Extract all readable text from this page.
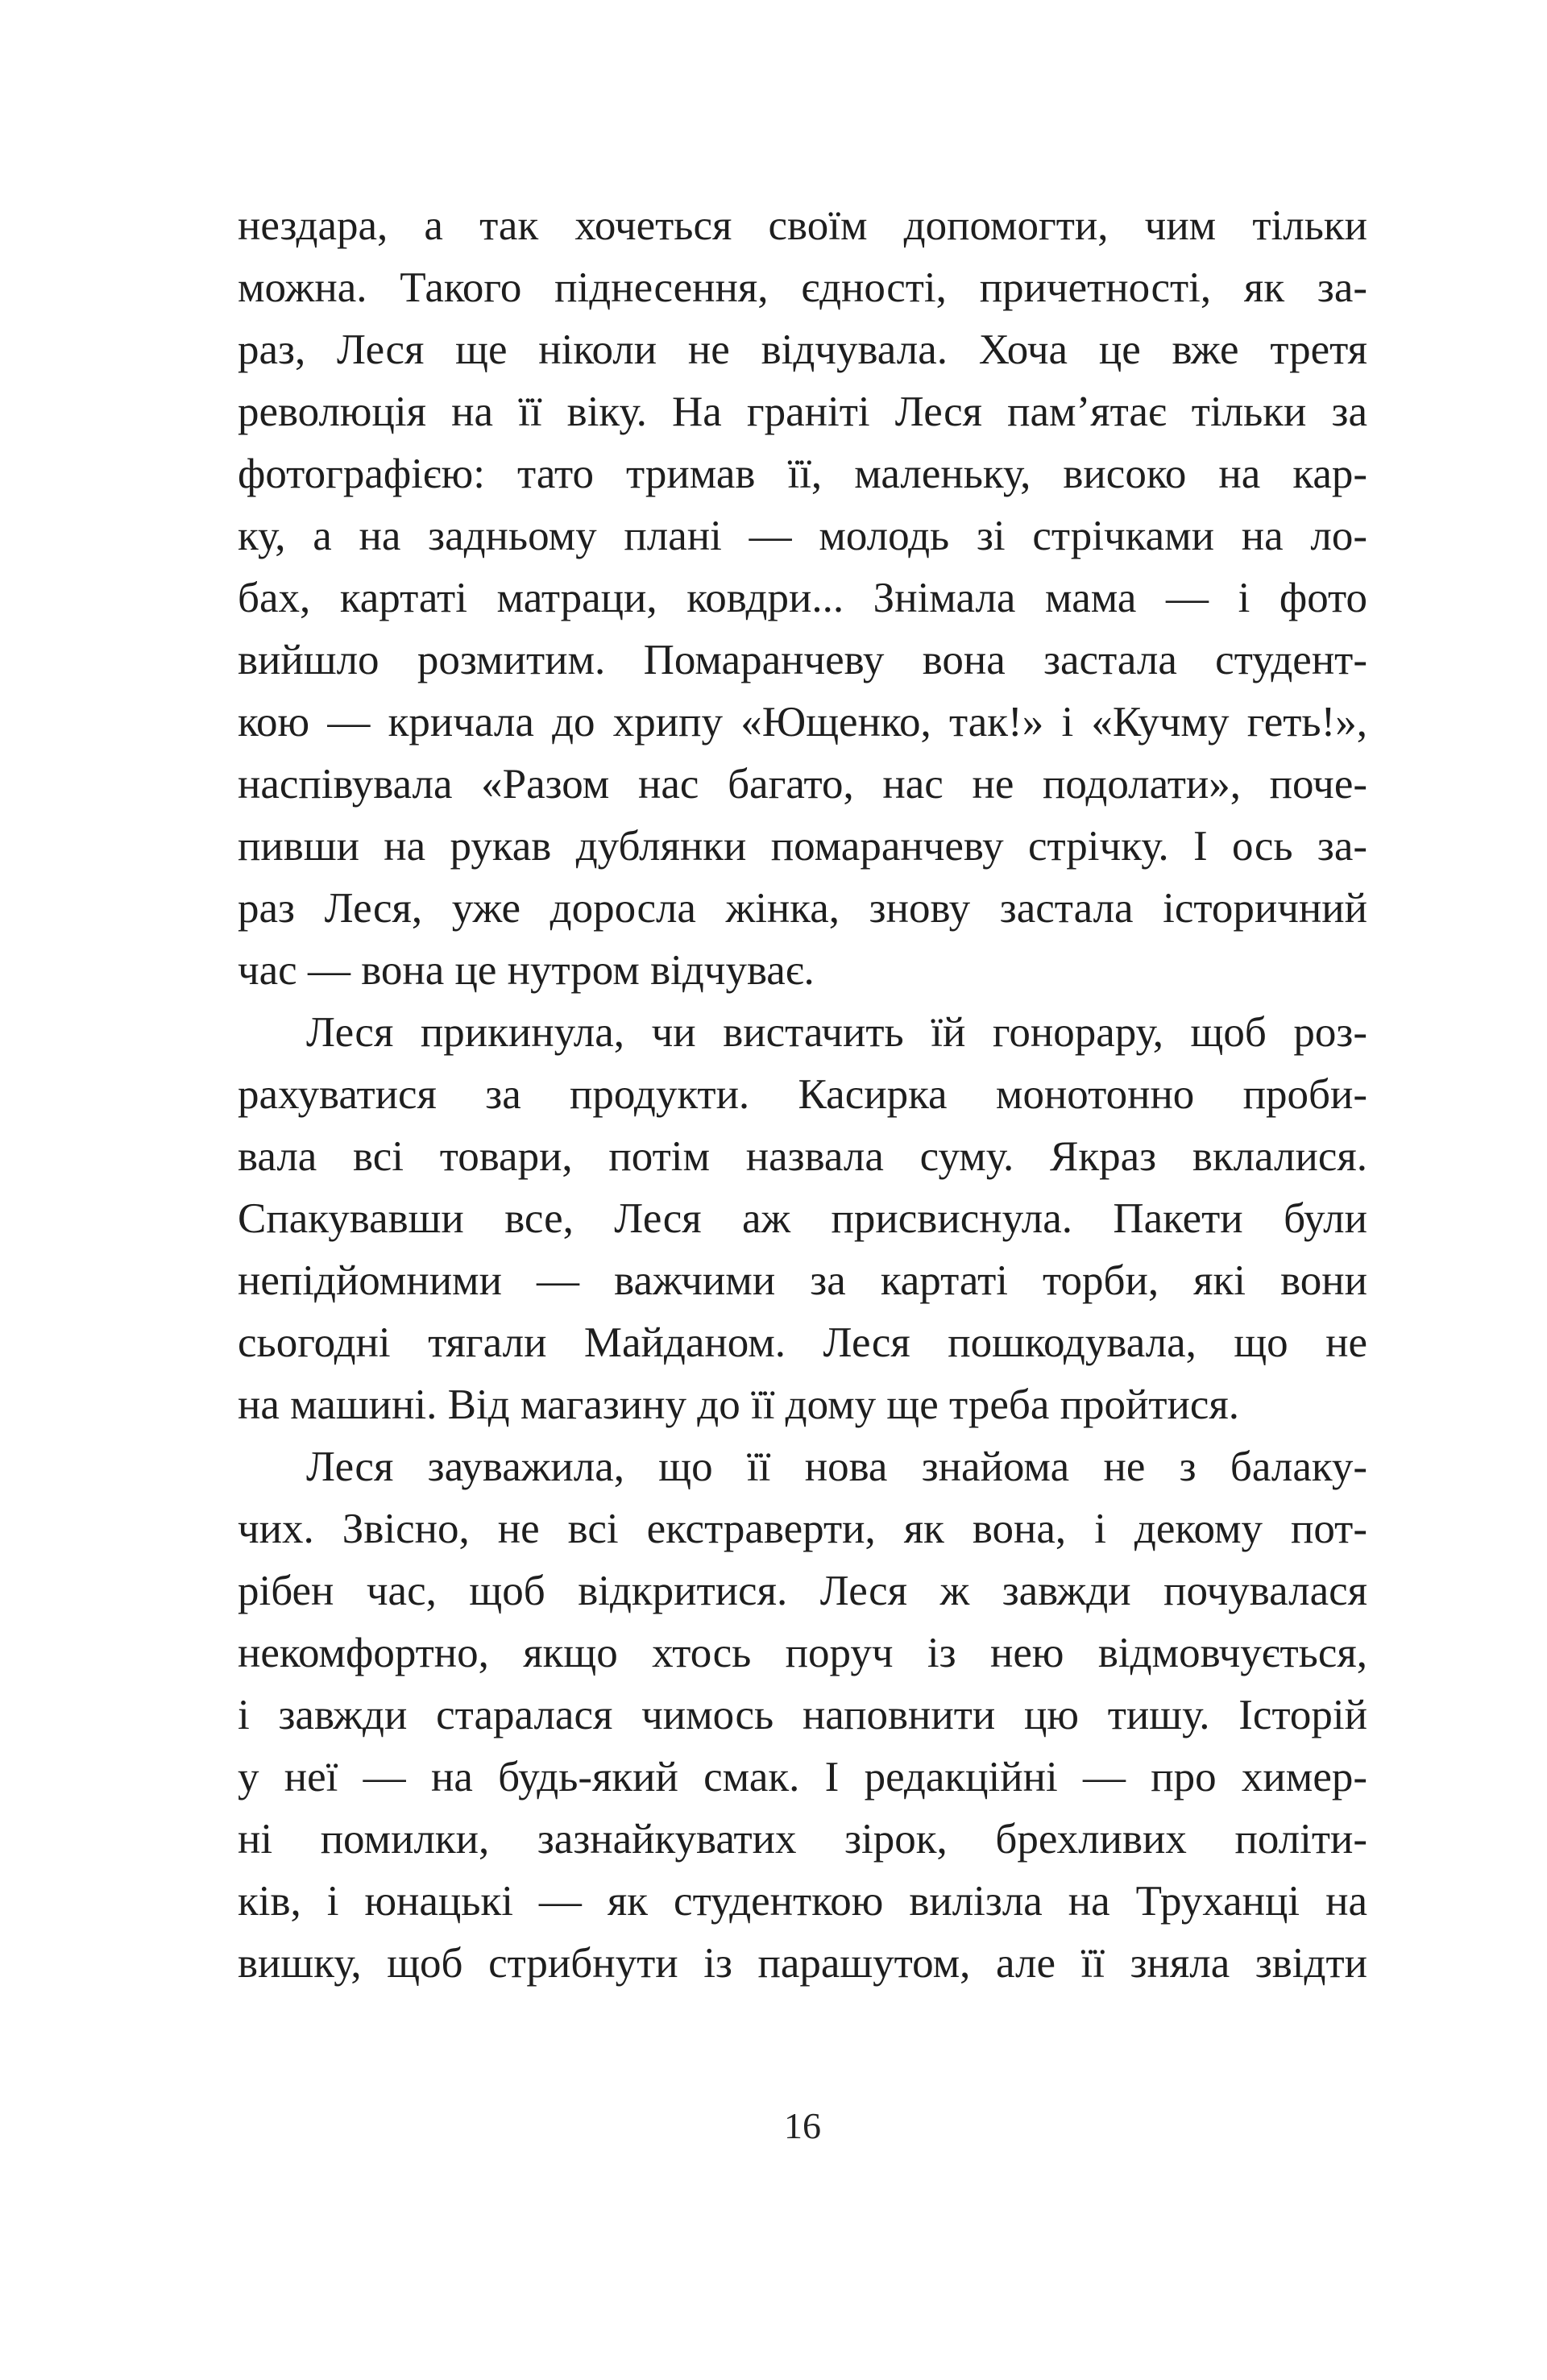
нездара, а так хочеться своїм допомогти, чим тільки
можна. Такого піднесення, єдності, причетності, як за-
раз, Леся ще ніколи не відчувала. Хоча це вже третя
революція на її віку. На граніті Леся пам’ятає тільки за
фотографією: тато тримав її, маленьку, високо на кар-
ку, а на задньому плані — молодь зі стрічками на ло-
бах, картаті матраци, ковдри... Знімала мама — і фото
вийшло розмитим. Помаранчеву вона застала студент-
кою — кричала до хрипу «Ющенко, так!» і «Кучму геть!»,
наспівувала «Разом нас багато, нас не подолати», поче-
пивши на рукав дублянки помаранчеву стрічку. І ось за-
раз Леся, уже доросла жінка, знову застала історичний
час — вона це нутром відчуває.
Леся прикинула, чи вистачить їй гонорару, щоб роз-
рахуватися за продукти. Касирка монотонно проби-
вала всі товари, потім назвала суму. Якраз вклалися.
Спакувавши все, Леся аж присвиснула. Пакети були
непідйомними — важчими за картаті торби, які вони
сьогодні тягали Майданом. Леся пошкодувала, що не
на машині. Від магазину до її дому ще треба пройтися.
Леся зауважила, що її нова знайома не з балаку-
чих. Звісно, не всі екстраверти, як вона, і декому пот-
рібен час, щоб відкритися. Леся ж завжди почувалася
некомфортно, якщо хтось поруч із нею відмовчується,
і завжди старалася чимось наповнити цю тишу. Історій
у неї — на будь-який смак. І редакційні — про химер-
ні помилки, зазнайкуватих зірок, брехливих політи-
ків, і юнацькі — як студенткою вилізла на Труханці на
вишку, щоб стрибнути із парашутом, але її зняла звідти
16
